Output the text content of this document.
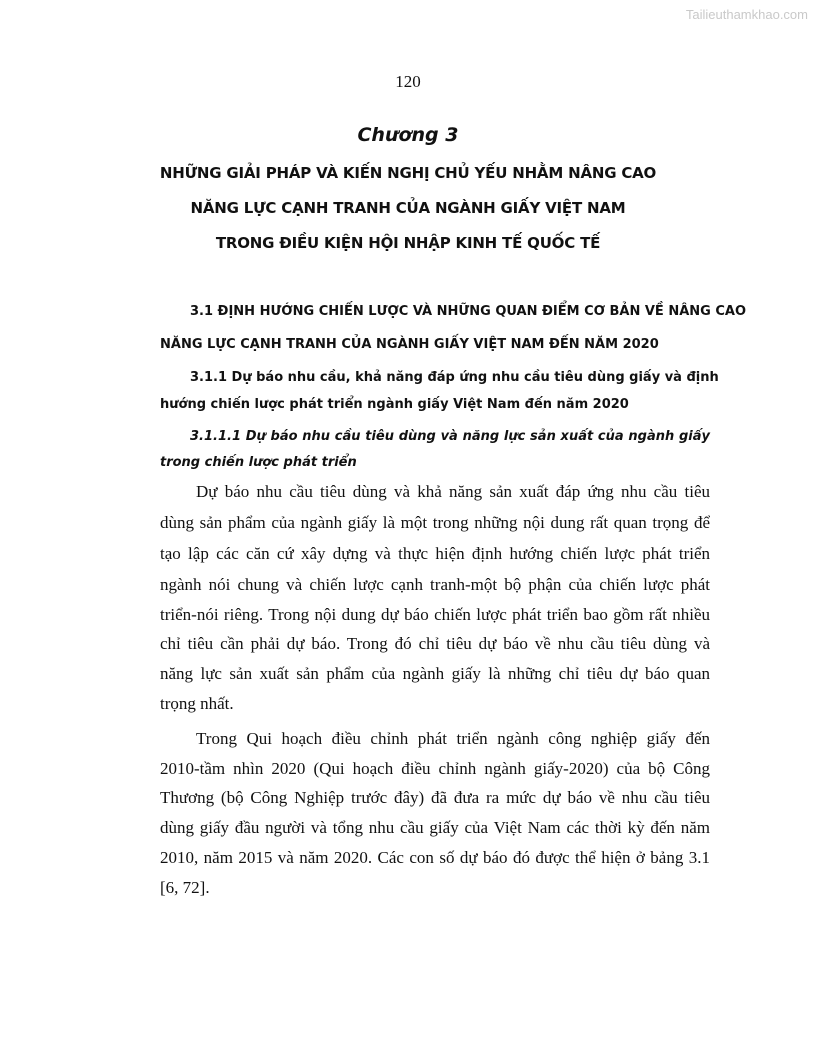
Tailieuthamkhao.com
120
Chương 3
NHỮNG GIẢI PHÁP VÀ KIẾN NGHỊ CHỦ YẾU NHẰM NÂNG CAO
NĂNG LỰC CẠNH TRANH CỦA NGÀNH GIẤY VIỆT NAM
TRONG ĐIỀU KIỆN HỘI NHẬP KINH TẾ QUỐC TẾ
3.1 ĐỊNH HƯỚNG CHIẾN LƯỢC VÀ NHỮNG QUAN ĐIỂM CƠ BẢN VỀ NÂNG CAO
NĂNG LỰC CẠNH TRANH CỦA NGÀNH GIẤY VIỆT NAM ĐẾN NĂM 2020
3.1.1 Dự báo nhu cầu, khả năng đáp ứng nhu cầu tiêu dùng giấy và định
hướng chiến lược phát triển ngành giấy Việt Nam đến năm 2020
3.1.1.1 Dự báo nhu cầu tiêu dùng và năng lực sản xuất của ngành giấy
trong chiến lược phát triển
Dự báo nhu cầu tiêu dùng và khả năng sản xuất đáp ứng nhu cầu tiêu
dùng sản phẩm của ngành giấy là một trong những nội dung rất quan trọng để
tạo lập các căn cứ xây dựng và thực hiện định hướng chiến lược phát triển
ngành nói chung và chiến lược cạnh tranh-một bộ phận của chiến lược phát
triển-nói riêng. Trong nội dung dự báo chiến lược phát triển bao gồm rất nhiều
chỉ tiêu cần phải dự báo. Trong đó chỉ tiêu dự báo về nhu cầu tiêu dùng và
năng lực sản xuất sản phẩm của ngành giấy là những chỉ tiêu dự báo quan
trọng nhất.
Trong Qui hoạch điều chỉnh phát triển ngành công nghiệp giấy đến
2010-tầm nhìn 2020 (Qui hoạch điều chỉnh ngành giấy-2020) của bộ Công
Thương (bộ Công Nghiệp trước đây) đã đưa ra mức dự báo về nhu cầu tiêu
dùng giấy đầu người và tổng nhu cầu giấy của Việt Nam các thời kỳ đến năm
2010, năm 2015 và năm 2020. Các con số dự báo đó được thể hiện ở bảng 3.1
[6, 72].
